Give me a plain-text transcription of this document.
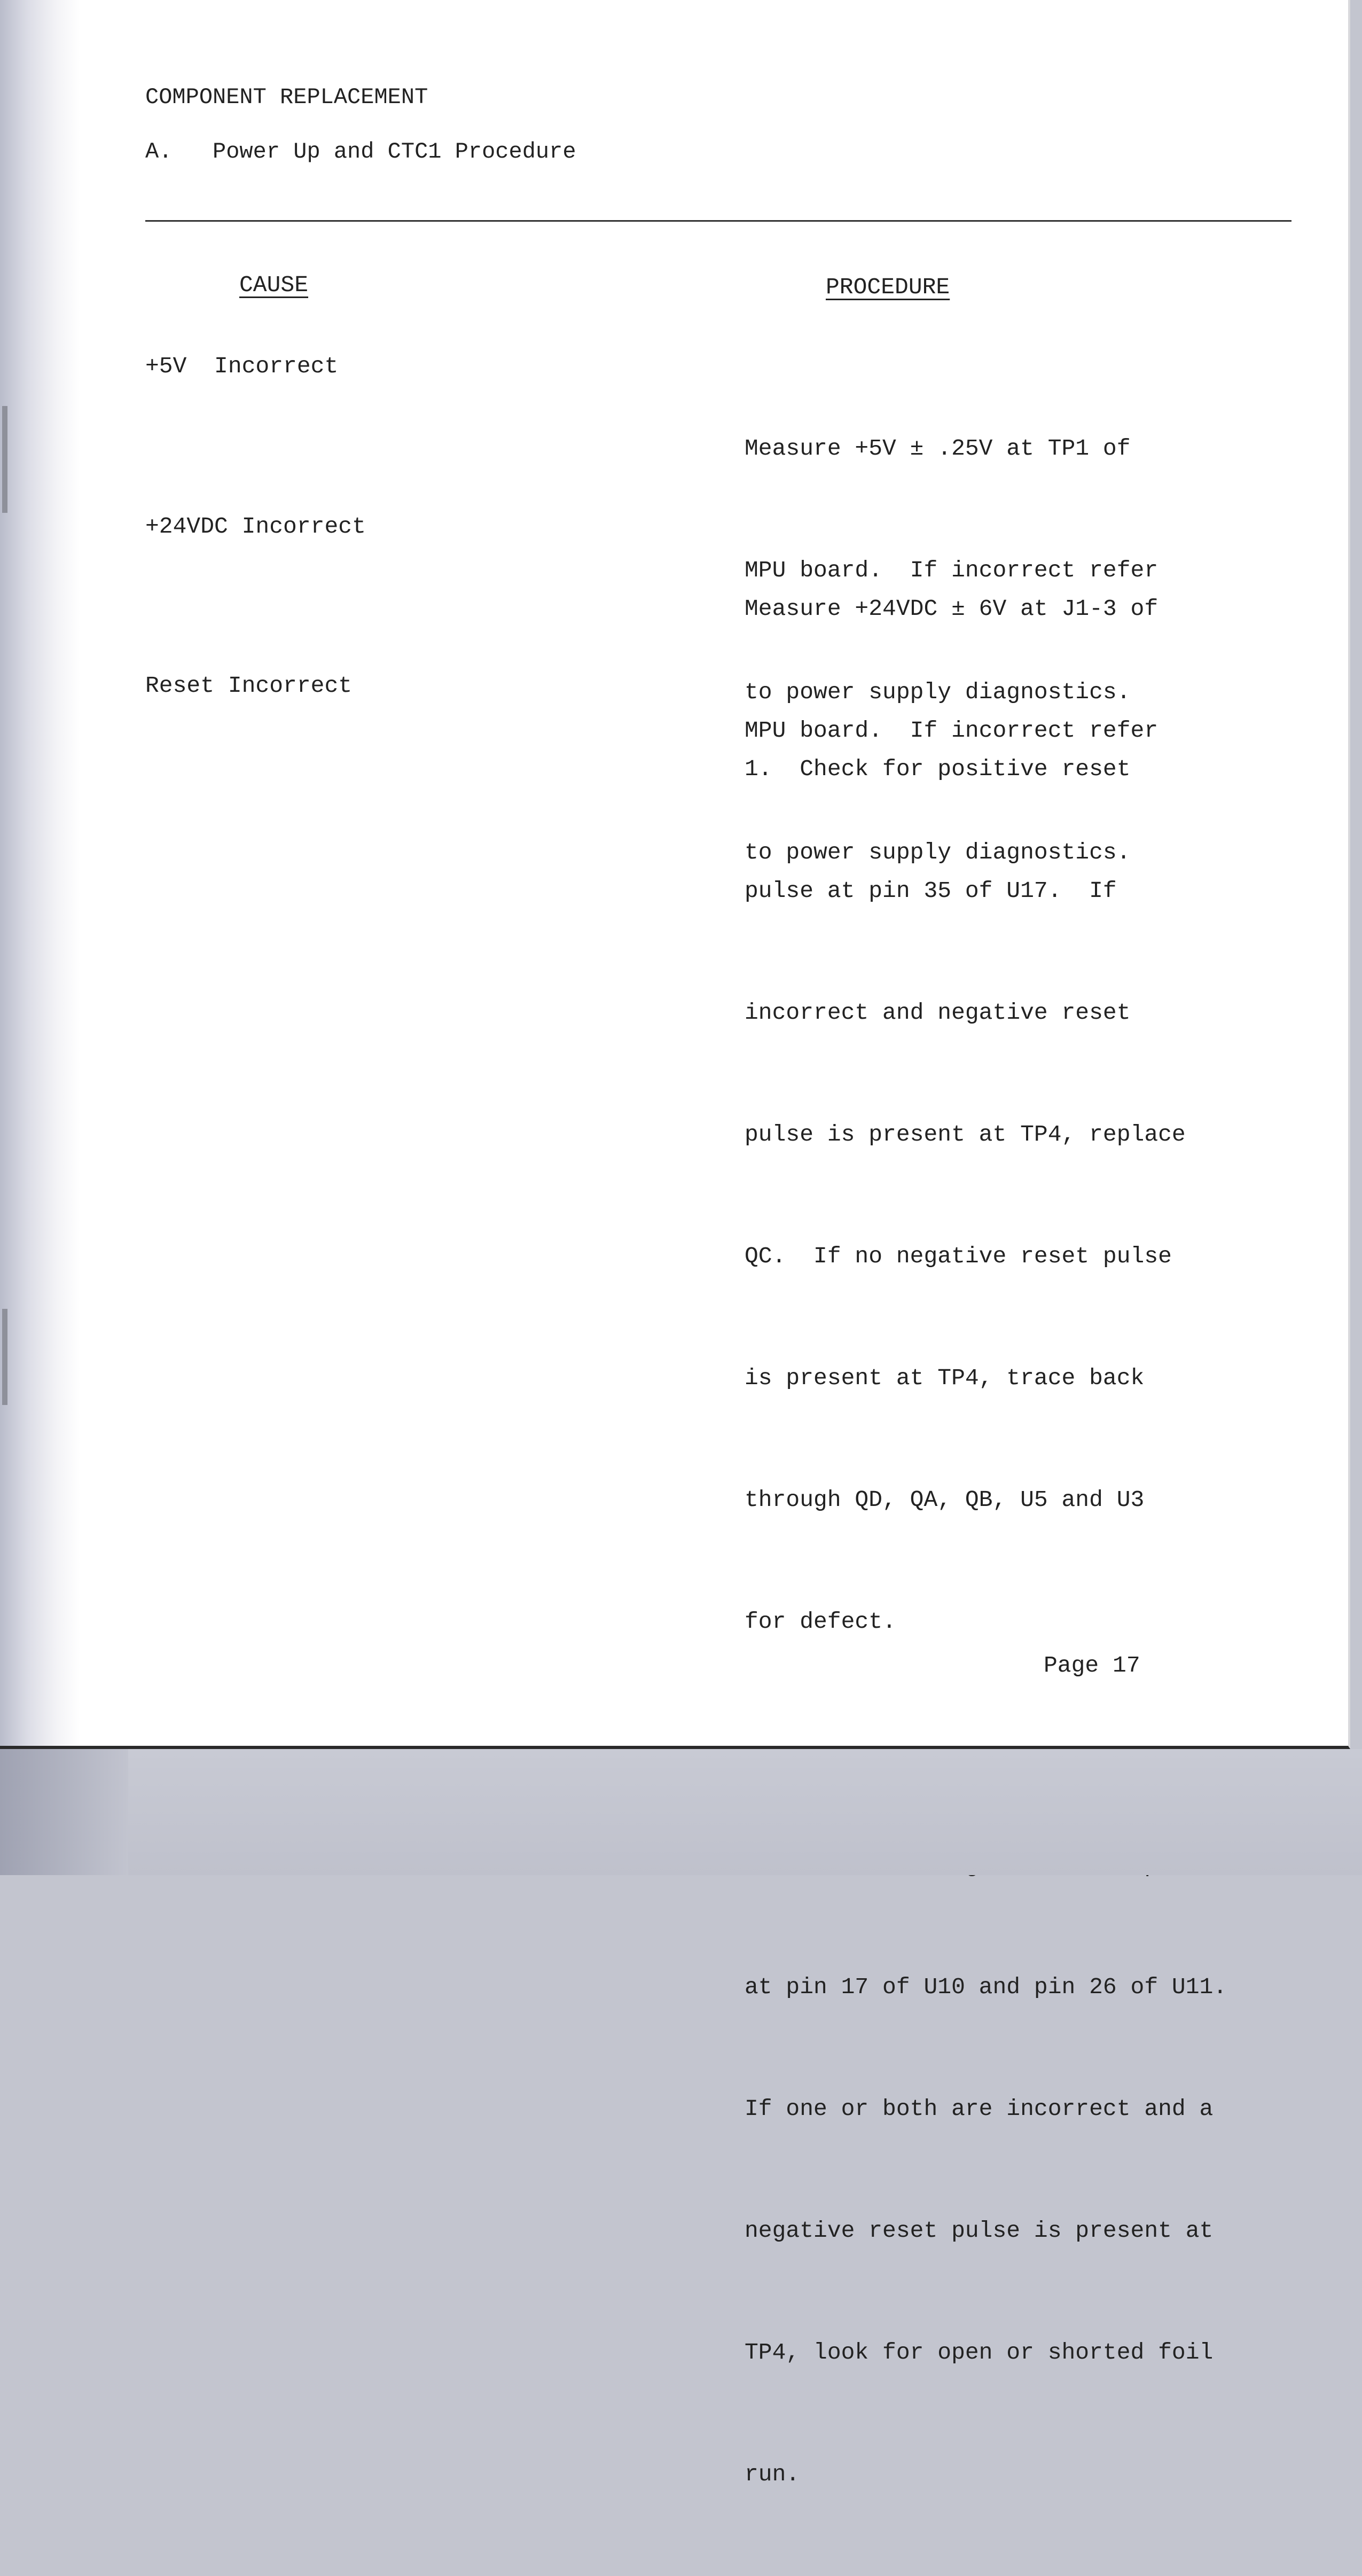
COMPONENT REPLACEMENT
A.   Power Up and CTC1 Procedure
CAUSE	PROCEDURE
+5V  Incorrect

Measure +5V ± .25V at TP1 of

MPU board.  If incorrect refer

to power supply diagnostics.

+24VDC Incorrect

Measure +24VDC ± 6V at J1-3 of

MPU board.  If incorrect refer

to power supply diagnostics.

Reset Incorrect

1.  Check for positive reset

pulse at pin 35 of U17.  If

incorrect and negative reset

pulse is present at TP4, replace

QC.  If no negative reset pulse

is present at TP4, trace back

through QD, QA, QB, U5 and U3

for defect.

at pin 17 of U10 and pin 26 of U11.

If one or both are incorrect and a

negative reset pulse is present at

TP4, look for open or shorted foil

run.

Page 17
